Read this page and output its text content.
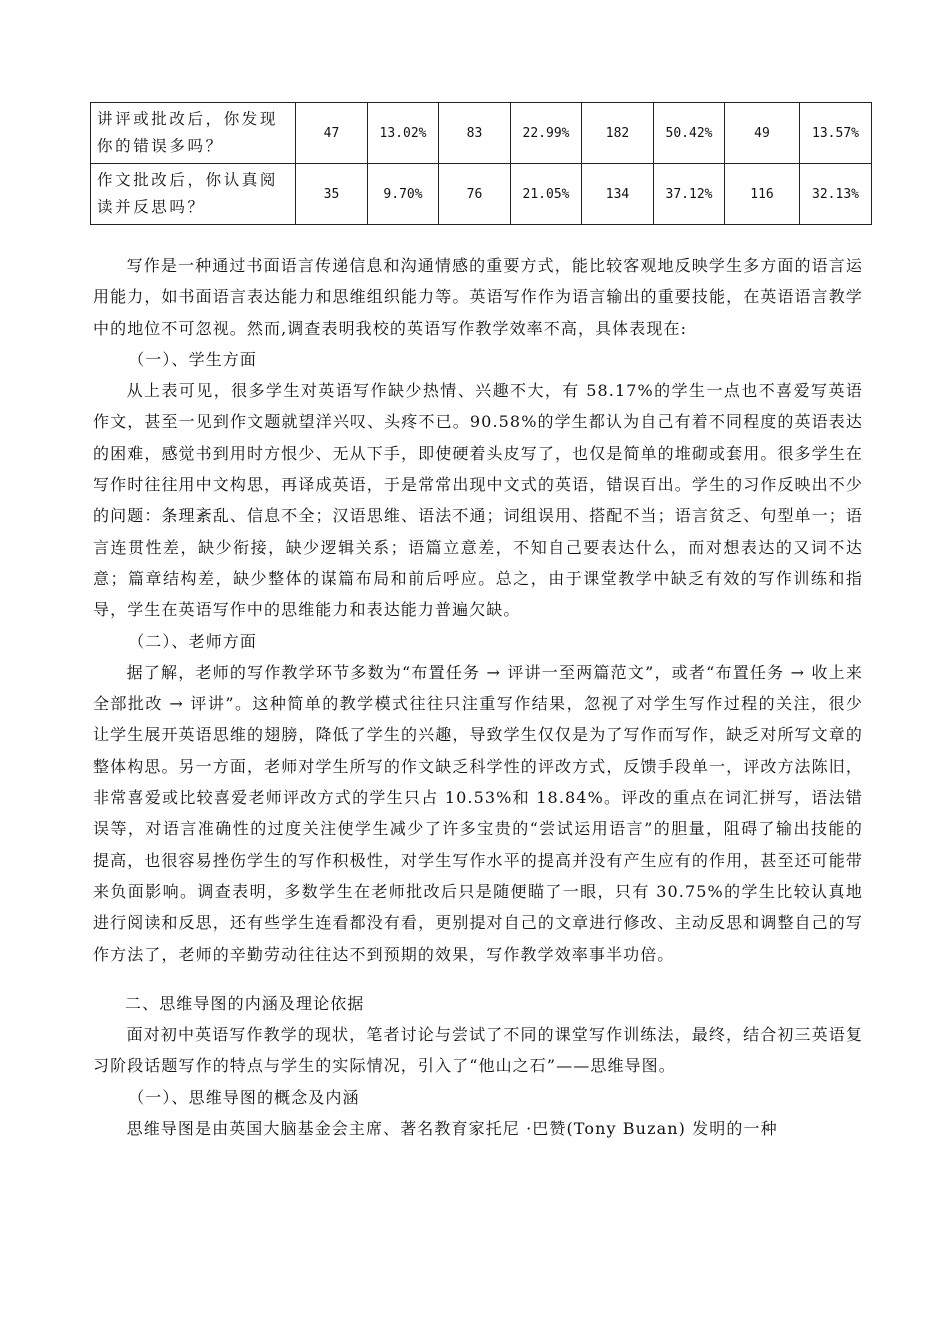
讲评或批改后，你发现你的错误多吗？	47	13.02%	83	22.99%	182	50.42%	49	13.57%
作文批改后，你认真阅读并反思吗？	35	9.70%	76	21.05%	134	37.12%	116	32.13%

写作是一种通过书面语言传递信息和沟通情感的重要方式，能比较客观地反映学生多方面的语言运用能力，如书面语言表达能力和思维组织能力等。英语写作作为语言输出的重要技能，在英语语言教学中的地位不可忽视。然而,调查表明我校的英语写作教学效率不高，具体表现在:

（一）、学生方面

从上表可见，很多学生对英语写作缺少热情、兴趣不大，有 58.17%的学生一点也不喜爱写英语作文，甚至一见到作文题就望洋兴叹、头疼不已。90.58%的学生都认为自己有着不同程度的英语表达的困难，感觉书到用时方恨少、无从下手，即使硬着头皮写了，也仅是简单的堆砌或套用。很多学生在写作时往往用中文构思，再译成英语，于是常常出现中文式的英语，错误百出。学生的习作反映出不少的问题：条理紊乱、信息不全；汉语思维、语法不通；词组误用、搭配不当；语言贫乏、句型单一；语言连贯性差，缺少衔接，缺少逻辑关系；语篇立意差，不知自己要表达什么，而对想表达的又词不达意；篇章结构差，缺少整体的谋篇布局和前后呼应。总之，由于课堂教学中缺乏有效的写作训练和指导，学生在英语写作中的思维能力和表达能力普遍欠缺。

（二）、老师方面

据了解，老师的写作教学环节多数为“布置任务 → 评讲一至两篇范文”，或者“布置任务 → 收上来全部批改 → 评讲”。这种简单的教学模式往往只注重写作结果，忽视了对学生写作过程的关注，很少让学生展开英语思维的翅膀，降低了学生的兴趣，导致学生仅仅是为了写作而写作，缺乏对所写文章的整体构思。另一方面，老师对学生所写的作文缺乏科学性的评改方式，反馈手段单一，评改方法陈旧，非常喜爱或比较喜爱老师评改方式的学生只占 10.53%和 18.84%。评改的重点在词汇拼写，语法错误等，对语言准确性的过度关注使学生减少了许多宝贵的“尝试运用语言”的胆量，阻碍了输出技能的提高，也很容易挫伤学生的写作积极性，对学生写作水平的提高并没有产生应有的作用，甚至还可能带来负面影响。调查表明，多数学生在老师批改后只是随便瞄了一眼，只有 30.75%的学生比较认真地进行阅读和反思，还有些学生连看都没有看，更别提对自己的文章进行修改、主动反思和调整自己的写作方法了，老师的辛勤劳动往往达不到预期的效果，写作教学效率事半功倍。

二、思维导图的内涵及理论依据

面对初中英语写作教学的现状，笔者讨论与尝试了不同的课堂写作训练法，最终，结合初三英语复习阶段话题写作的特点与学生的实际情况，引入了“他山之石”——思维导图。

（一）、思维导图的概念及内涵

思维导图是由英国大脑基金会主席、著名教育家托尼 ·巴赞(Tony Buzan) 发明的一种
